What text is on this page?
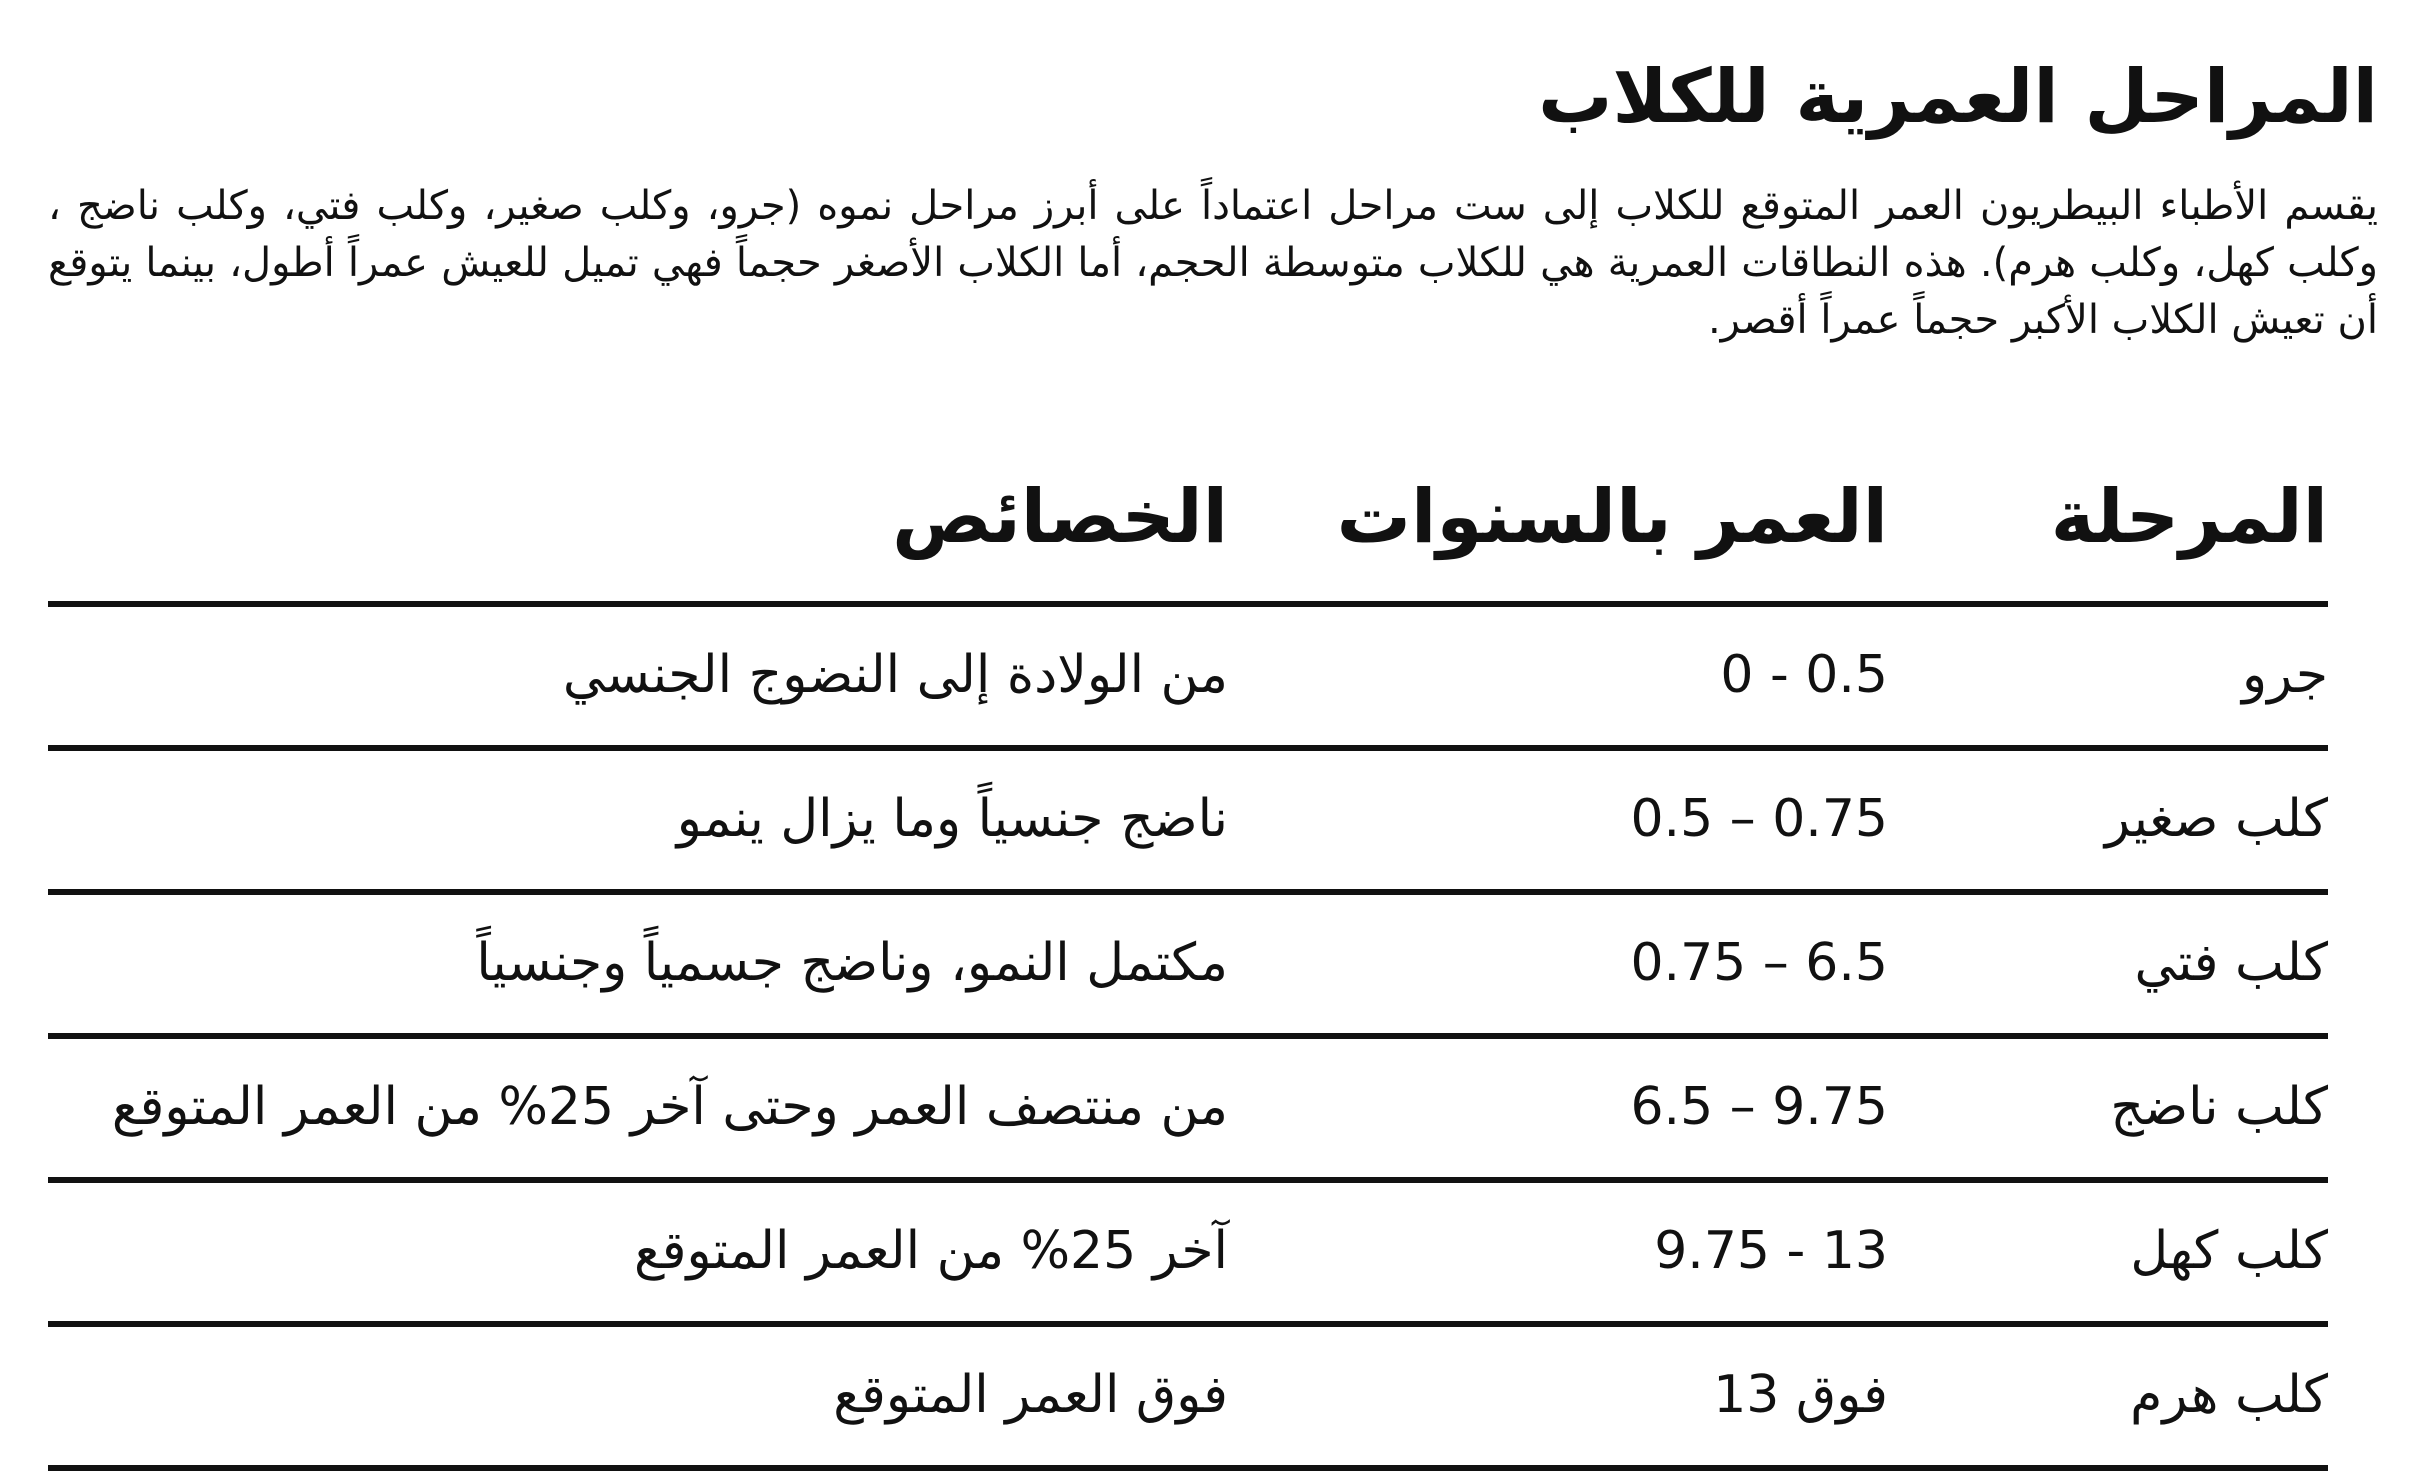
المراحل العمرية للكلاب

يقسم الأطباء البيطريون العمر المتوقع للكلاب إلى ست مراحل اعتماداً على أبرز مراحل نموه (جرو، وكلب صغير، وكلب فتي، وكلب ناضج ، وكلب كهل، وكلب هرم). هذه النطاقات العمرية هي للكلاب متوسطة الحجم، أما الكلاب الأصغر حجماً فهي تميل للعيش عمراً أطول، بينما يتوقع أن تعيش الكلاب الأكبر حجماً عمراً أقصر.

المرحلة
العمر بالسنوات
الخصائص
جرو
0 - 0.5
من الولادة إلى النضوج الجنسي
كلب صغير
0.5 – 0.75
ناضج جنسياً وما يزال ينمو
كلب فتي
0.75 – 6.5
مكتمل النمو، وناضج جسمياً وجنسياً
كلب ناضج
6.5 – 9.75
من منتصف العمر وحتى آخر 25% من العمر المتوقع
كلب كهل
9.75 - 13
آخر 25% من العمر المتوقع
كلب هرم
فوق 13
فوق العمر المتوقع
